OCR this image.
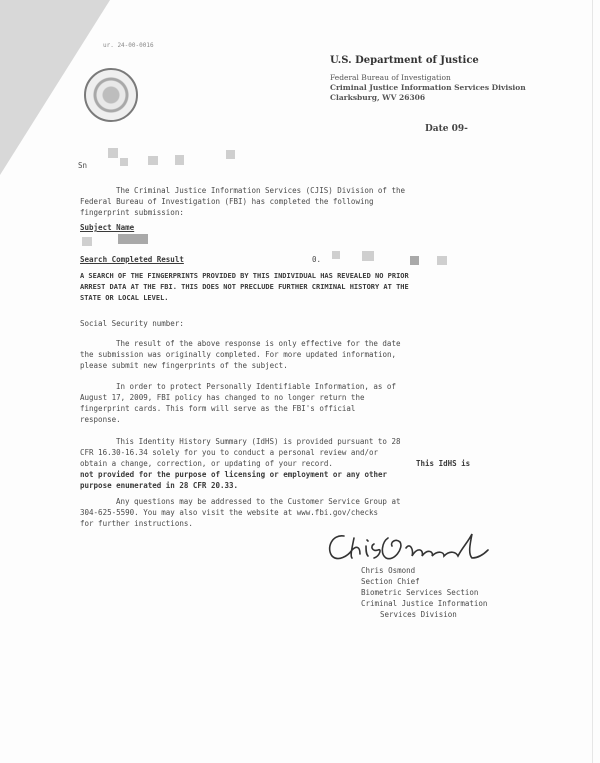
ur. 24-00-0016
U.S. Department of Justice
Federal Bureau of Investigation
Criminal Justice Information Services Division
Clarksburg, WV 26306
Date 09-
Sn
The Criminal Justice Information Services (CJIS) Division of the
Federal Bureau of Investigation (FBI) has completed the following
fingerprint submission:
Subject Name
Search Completed Result	0.
A SEARCH OF THE FINGERPRINTS PROVIDED BY THIS INDIVIDUAL HAS REVEALED NO PRIOR
ARREST DATA AT THE FBI. THIS DOES NOT PRECLUDE FURTHER CRIMINAL HISTORY AT THE
STATE OR LOCAL LEVEL.
Social Security number:
The result of the above response is only effective for the date
the submission was originally completed. For more updated information,
please submit new fingerprints of the subject.
In order to protect Personally Identifiable Information, as of
August 17, 2009, FBI policy has changed to no longer return the
fingerprint cards. This form will serve as the FBI's official
response.
This Identity History Summary (IdHS) is provided pursuant to 28
CFR 16.30-16.34 solely for you to conduct a personal review and/or
obtain a change, correction, or updating of your record.	This IdHS is
not provided for the purpose of licensing or employment or any other
purpose enumerated in 28 CFR 20.33.
Any questions may be addressed to the Customer Service Group at
304-625-5590. You may also visit the website at www.fbi.gov/checks
for further instructions.
Chris Osmond
Section Chief
Biometric Services Section
Criminal Justice Information
Services Division
